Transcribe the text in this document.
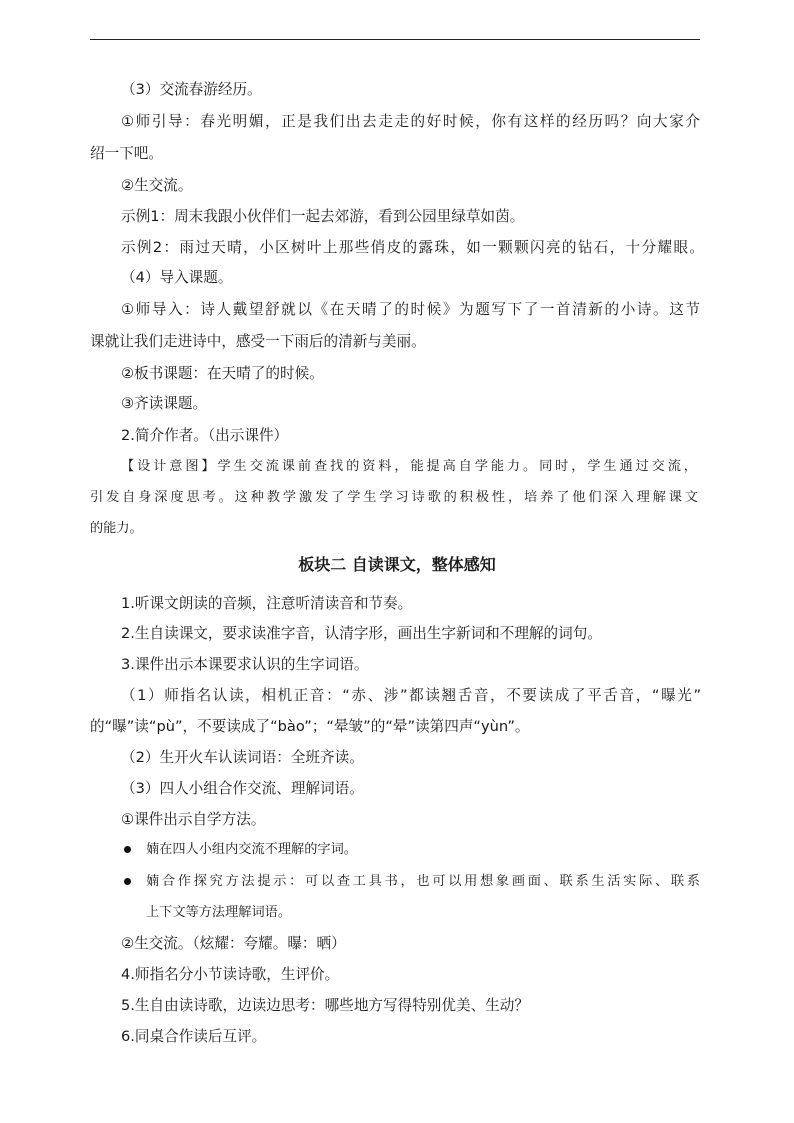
（3）交流春游经历。
①师引导：春光明媚，正是我们出去走走的好时候，你有这样的经历吗？向大家介
绍一下吧。
②生交流。
示例1：周末我跟小伙伴们一起去郊游，看到公园里绿草如茵。
示例2：雨过天晴，小区树叶上那些俏皮的露珠，如一颗颗闪亮的钻石，十分耀眼。
（4）导入课题。
①师导入：诗人戴望舒就以《在天晴了的时候》为题写下了一首清新的小诗。这节
课就让我们走进诗中，感受一下雨后的清新与美丽。
②板书课题：在天晴了的时候。
③齐读课题。
2.简介作者。（出示课件）
【设计意图】学生交流课前查找的资料，能提高自学能力。同时，学生通过交流，
引发自身深度思考。这种教学激发了学生学习诗歌的积极性，培养了他们深入理解课文
的能力。
板块二 自读课文，整体感知
1.听课文朗读的音频，注意听清读音和节奏。
2.生自读课文，要求读准字音，认清字形，画出生字新词和不理解的词句。
3.课件出示本课要求认识的生字词语。
（1）师指名认读，相机正音：“赤、涉”都读翘舌音，不要读成了平舌音，“曝光”
的“曝”读“pù”，不要读成了“bào”；“晕皱”的“晕”读第四声“yùn”。
（2）生开火车认读词语：全班齐读。
（3）四人小组合作交流、理解词语。
①课件出示自学方法。
婻在四人小组内交流不理解的字词。
婻合作探究方法提示：可以查工具书，也可以用想象画面、联系生活实际、联系
上下文等方法理解词语。
②生交流。（炫耀：夸耀。曝：晒）
4.师指名分小节读诗歌，生评价。
5.生自由读诗歌，边读边思考：哪些地方写得特别优美、生动？
6.同桌合作读后互评。
